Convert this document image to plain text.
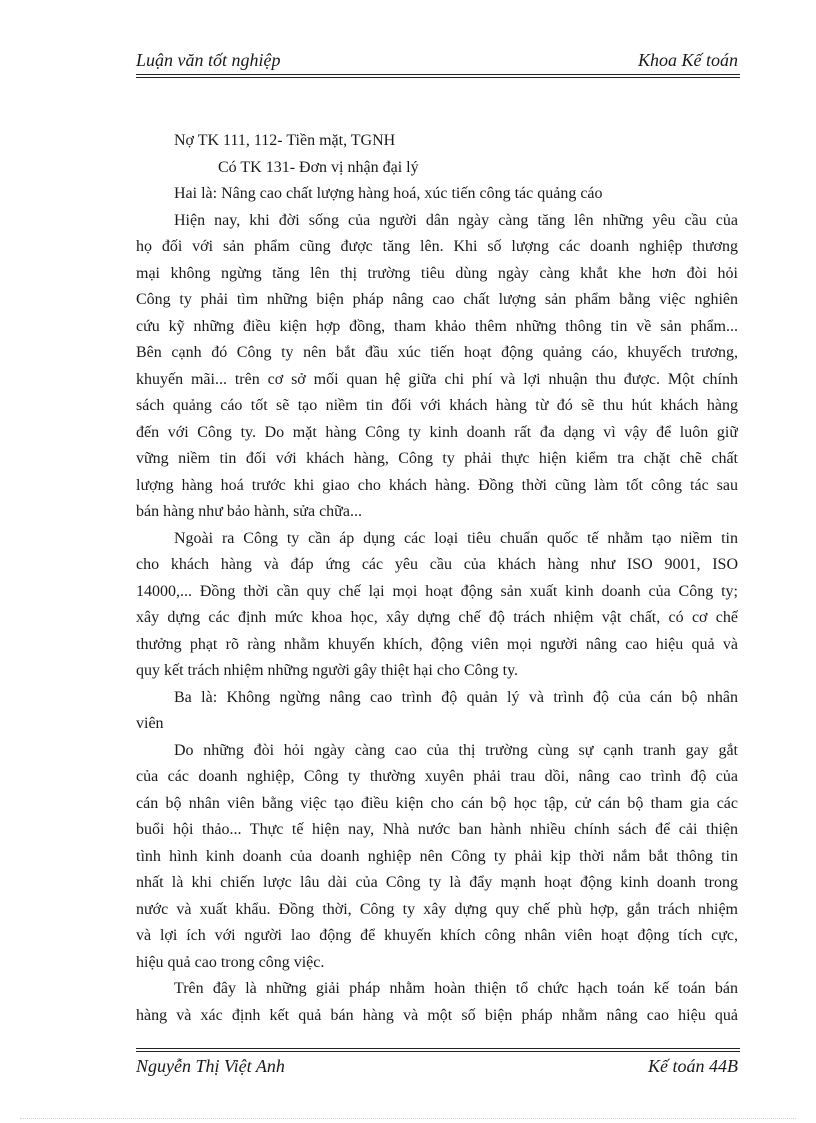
Luận văn tốt nghiệp	Khoa Kế toán
Nợ TK 111, 112- Tiền mặt, TGNH
Có TK 131- Đơn vị nhận đại lý
Hai là: Nâng cao chất lượng hàng hoá, xúc tiến công tác quảng cáo
Hiện nay, khi đời sống của người dân ngày càng tăng lên những yêu cầu của
họ đối với sản phẩm cũng được tăng lên. Khi số lượng các doanh nghiệp thương
mại không ngừng tăng lên thị trường tiêu dùng ngày càng khắt khe hơn đòi hỏi
Công ty phải tìm những biện pháp nâng cao chất lượng sản phẩm bằng việc nghiên
cứu kỹ những điều kiện hợp đồng, tham khảo thêm những thông tin về sản phẩm...
Bên cạnh đó Công ty nên bắt đầu xúc tiến hoạt động quảng cáo, khuyếch trương,
khuyến mãi... trên cơ sở mối quan hệ giữa chi phí và lợi nhuận thu được. Một chính
sách quảng cáo tốt sẽ tạo niềm tin đối với khách hàng từ đó sẽ thu hút khách hàng
đến với Công ty. Do mặt hàng Công ty kinh doanh rất đa dạng vì vậy để luôn giữ
vững niềm tin đối với khách hàng, Công ty phải thực hiện kiểm tra chặt chẽ chất
lượng hàng hoá trước khi giao cho khách hàng. Đồng thời cũng làm tốt công tác sau
bán hàng như bảo hành, sửa chữa...
Ngoài ra Công ty cần áp dụng các loại tiêu chuẩn quốc tế nhằm tạo niềm tin
cho khách hàng và đáp ứng các yêu cầu của khách hàng như ISO 9001, ISO
14000,... Đồng thời cần quy chế lại mọi hoạt động sản xuất kinh doanh của Công ty;
xây dựng các định mức khoa học, xây dựng chế độ trách nhiệm vật chất, có cơ chế
thưởng phạt rõ ràng nhằm khuyến khích, động viên mọi người nâng cao hiệu quả và
quy kết trách nhiệm những người gây thiệt hại cho Công ty.
Ba là: Không ngừng nâng cao trình độ quản lý và trình độ của cán bộ nhân
viên
Do những đòi hỏi ngày càng cao của thị trường cùng sự cạnh tranh gay gắt
của các doanh nghiệp, Công ty thường xuyên phải trau dồi, nâng cao trình độ của
cán bộ nhân viên bằng việc tạo điều kiện cho cán bộ học tập, cử cán bộ tham gia các
buổi hội thảo... Thực tế hiện nay, Nhà nước ban hành nhiều chính sách để cải thiện
tình hình kinh doanh của doanh nghiệp nên Công ty phải kịp thời nắm bắt thông tin
nhất là khi chiến lược lâu dài của Công ty là đẩy mạnh hoạt động kinh doanh trong
nước và xuất khẩu. Đồng thời, Công ty xây dựng quy chế phù hợp, gắn trách nhiệm
và lợi ích với người lao động để khuyến khích công nhân viên hoạt động tích cực,
hiệu quả cao trong công việc.
Trên đây là những giải pháp nhằm hoàn thiện tổ chức hạch toán kế toán bán
hàng và xác định kết quả bán hàng và một số biện pháp nhằm nâng cao hiệu quả
Nguyễn Thị Việt Anh	Kế toán 44B
